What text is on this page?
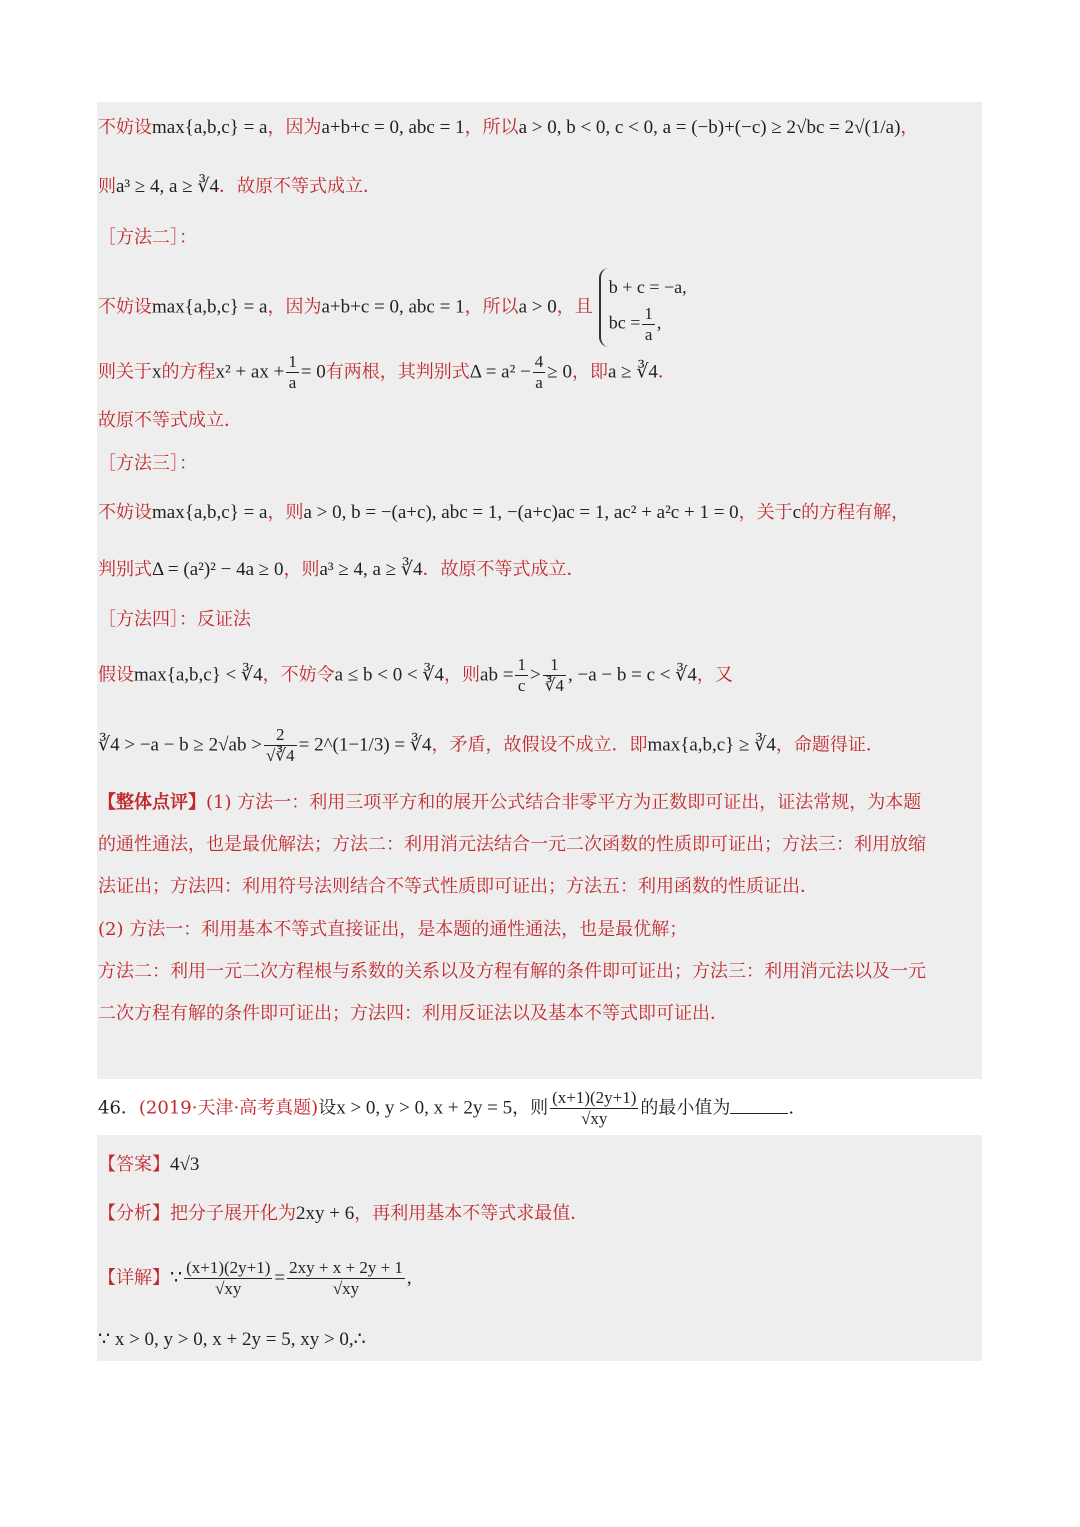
不妨设max{a,b,c} = a，因为a+b+c = 0, abc = 1，所以a > 0, b < 0, c < 0, a = (−b)+(−c) ≥ 2√bc = 2√(1/a)，
则a³ ≥ 4, a ≥ ∛4．故原不等式成立．
［方法二］：
不妨设max{a,b,c} = a，因为a+b+c = 0, abc = 1，所以a > 0，且
b + c = −a,
bc = $\frac{1}{a}$ ,
则关于x的方程x² + ax + $\frac{1}{a} = 0$有两根，其判别式$\Delta = a^2 - \frac{4}{a} \ge 0$，即a ≥ ∛4．
故原不等式成立．
［方法三］：
不妨设max{a,b,c} = a，则a > 0, b = −(a+c), abc = 1, −(a+c)ac = 1, ac² + a²c + 1 = 0，关于c的方程有解，
判别式Δ = (a²)² − 4a ≥ 0，则a³ ≥ 4, a ≥ ∛4．故原不等式成立．
［方法四］：反证法
假设max{a,b,c} < ∛4，不妨令a ≤ b < 0 < ∛4，则ab = $\frac{1}{c} > \frac{1}{∛4}$ , −a − b = c < ∛4，又
∛4 > $-a - b \ge 2√ab > \frac{2}{√∛4}$ = 2^(1−1/3) = ∛4，矛盾，故假设不成立．即max{a,b,c} ≥ ∛4，命题得证．
【整体点评】(1) 方法一：利用三项平方和的展开公式结合非零平方为正数即可证出，证法常规，为本题
的通性通法，也是最优解法；方法二：利用消元法结合一元二次函数的性质即可证出；方法三：利用放缩
法证出；方法四：利用符号法则结合不等式性质即可证出；方法五：利用函数的性质证出．
(2) 方法一：利用基本不等式直接证出，是本题的通性通法，也是最优解；
方法二：利用一元二次方程根与系数的关系以及方程有解的条件即可证出；方法三：利用消元法以及一元
二次方程有解的条件即可证出；方法四：利用反证法以及基本不等式即可证出．
46．(2019·天津·高考真题)设x > 0, y > 0, x + 2y = 5，则 $\frac{(x+1)(2y+1)}{√xy}$ 的最小值为	.
【答案】4√3
【分析】把分子展开化为2xy + 6，再利用基本不等式求最值．
【详解】∵ $\frac{(x+1)(2y+1)}{√xy} = \frac{2xy + x + 2y + 1}{√xy}$ ,
∵ x > 0, y > 0, x + 2y = 5, xy > 0,∴
